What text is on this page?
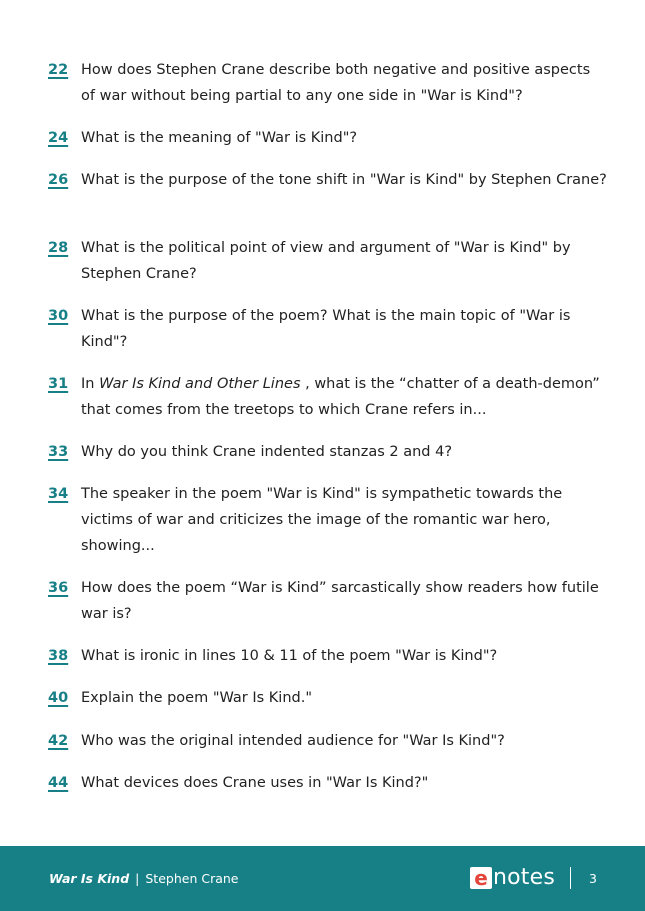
22 How does Stephen Crane describe both negative and positive aspects of war without being partial to any one side in "War is Kind"?
24 What is the meaning of "War is Kind"?
26 What is the purpose of the tone shift in "War is Kind" by Stephen Crane?
28 What is the political point of view and argument of "War is Kind" by Stephen Crane?
30 What is the purpose of the poem? What is the main topic of "War is Kind"?
31 In War Is Kind and Other Lines , what is the “chatter of a death-demon” that comes from the treetops to which Crane refers in...
33 Why do you think Crane indented stanzas 2 and 4?
34 The speaker in the poem "War is Kind" is sympathetic towards the victims of war and criticizes the image of the romantic war hero, showing...
36 How does the poem “War is Kind” sarcastically show readers how futile war is?
38 What is ironic in lines 10 & 11 of the poem "War is Kind"?
40 Explain the poem "War Is Kind."
42 Who was the original intended audience for "War Is Kind"?
44 What devices does Crane uses in "War Is Kind?"
War Is Kind | Stephen Crane	e notes	3
